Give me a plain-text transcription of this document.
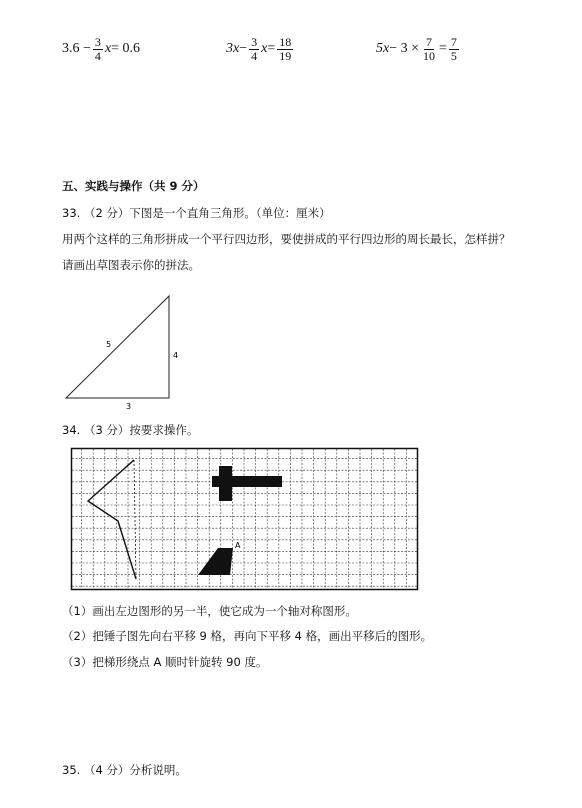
$3.6 - \frac{3}{4}$ x = 0.6	$3x - \frac{3}{4}$ $x = \frac{18}{19}$	$5x - 3 \times \frac{7}{10} = \frac{7}{5}$
五、实践与操作（共 9 分）
33. （2 分）下图是一个直角三角形。（单位：厘米）
用两个这样的三角形拼成一个平行四边形，要使拼成的平行四边形的周长最长，怎样拼？
请画出草图表示你的拼法。
5
4
3
34. （3 分）按要求操作。
A
（1）画出左边图形的另一半，使它成为一个轴对称图形。
（2）把锤子图先向右平移 9 格，再向下平移 4 格，画出平移后的图形。
（3）把梯形绕点 A 顺时针旋转 90 度。
35. （4 分）分析说明。
